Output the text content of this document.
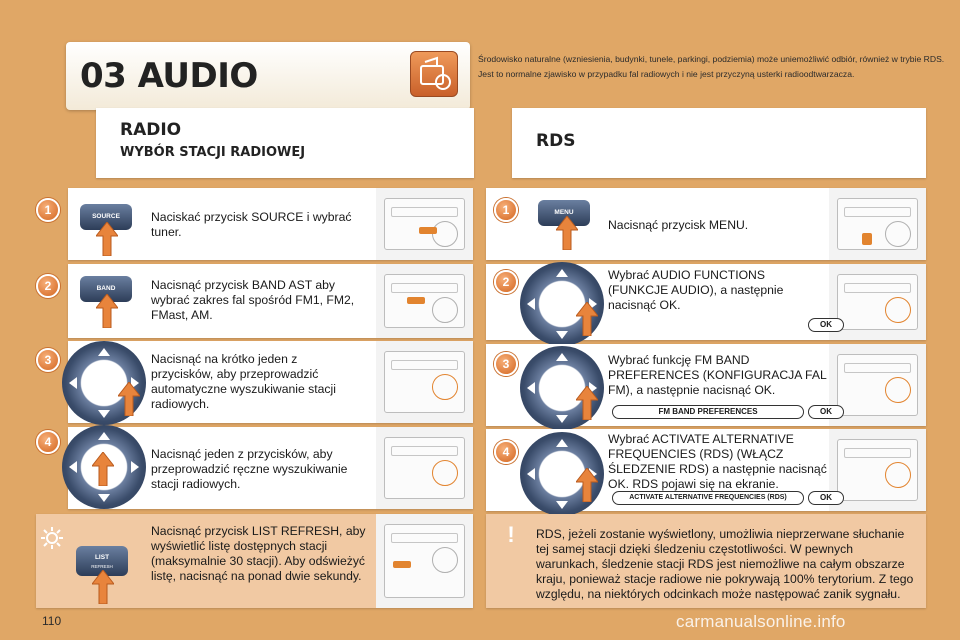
03 AUDIO	Środowisko naturalne (wzniesienia, budynki, tunele, parkingi, podziemia) może uniemożliwić odbiór, również w trybie RDS. Jest to normalne zjawisko w przypadku fal radiowych i nie jest przyczyną usterki radioodtwarzacza.
RADIO
WYBÓR STACJI RADIOWEJ
RDS
1	SOURCE	Naciskać przycisk SOURCE i wybrać tuner.
2	BAND	Nacisnąć przycisk BAND AST aby wybrać zakres fal spośród FM1, FM2, FMast, AM.
3	Nacisnąć na krótko jeden z przycisków, aby przeprowadzić automatyczne wyszukiwanie stacji radiowych.
4
Nacisnąć jeden z przycisków, aby przeprowadzić ręczne wyszukiwanie stacji radiowych.
LIST
REFRESH
Nacisnąć przycisk LIST REFRESH, aby wyświetlić listę dostępnych stacji (maksymalnie 30 stacji). Aby odświeżyć listę, nacisnąć na ponad dwie sekundy.
1	MENU
Nacisnąć przycisk MENU.
2	Wybrać AUDIO FUNCTIONS (FUNKCJE AUDIO), a następnie nacisnąć OK.
OK
3	Wybrać funkcję FM BAND PREFERENCES (KONFIGURACJA FAL FM), a następnie nacisnąć OK.
FM BAND PREFERENCES	OK
4
Wybrać ACTIVATE ALTERNATIVE FREQUENCIES (RDS) (WŁĄCZ ŚLEDZENIE RDS) a następnie nacisnąć OK. RDS pojawi się na ekranie.
ACTIVATE ALTERNATIVE FREQUENCIES (RDS)	OK
!	RDS, jeżeli zostanie wyświetlony, umożliwia nieprzerwane słuchanie tej samej stacji dzięki śledzeniu częstotliwości. W pewnych warunkach, śledzenie stacji RDS jest niemożliwe na całym obszarze kraju, ponieważ stacje radiowe nie pokrywają 100% terytorium. Z tego względu, na niektórych odcinkach może następować zanik sygnału.
110	carmanualsonline.info
